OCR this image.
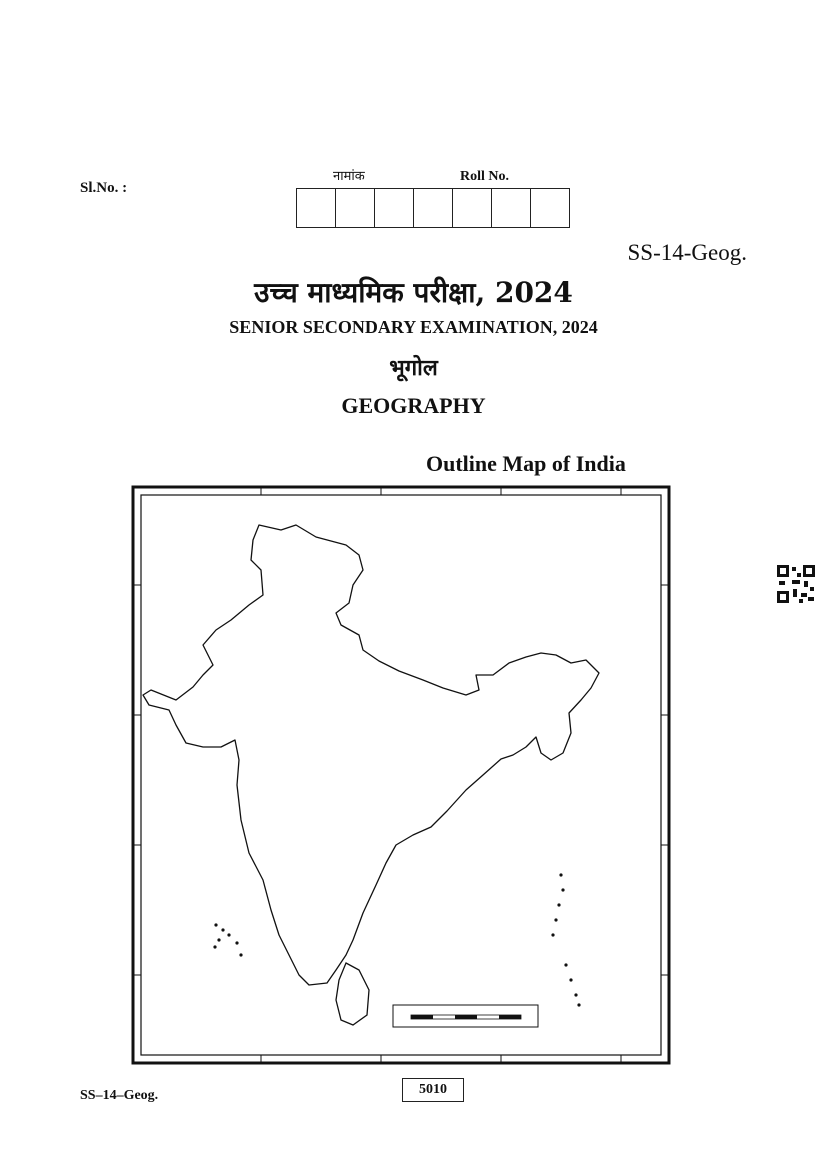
Sl.No. :
नामांक	Roll No.
SS-14-Geog.
उच्च माध्यमिक परीक्षा, 2024
SENIOR SECONDARY EXAMINATION, 2024
भूगोल
GEOGRAPHY
Outline Map of India
SS–14–Geog.	5010
